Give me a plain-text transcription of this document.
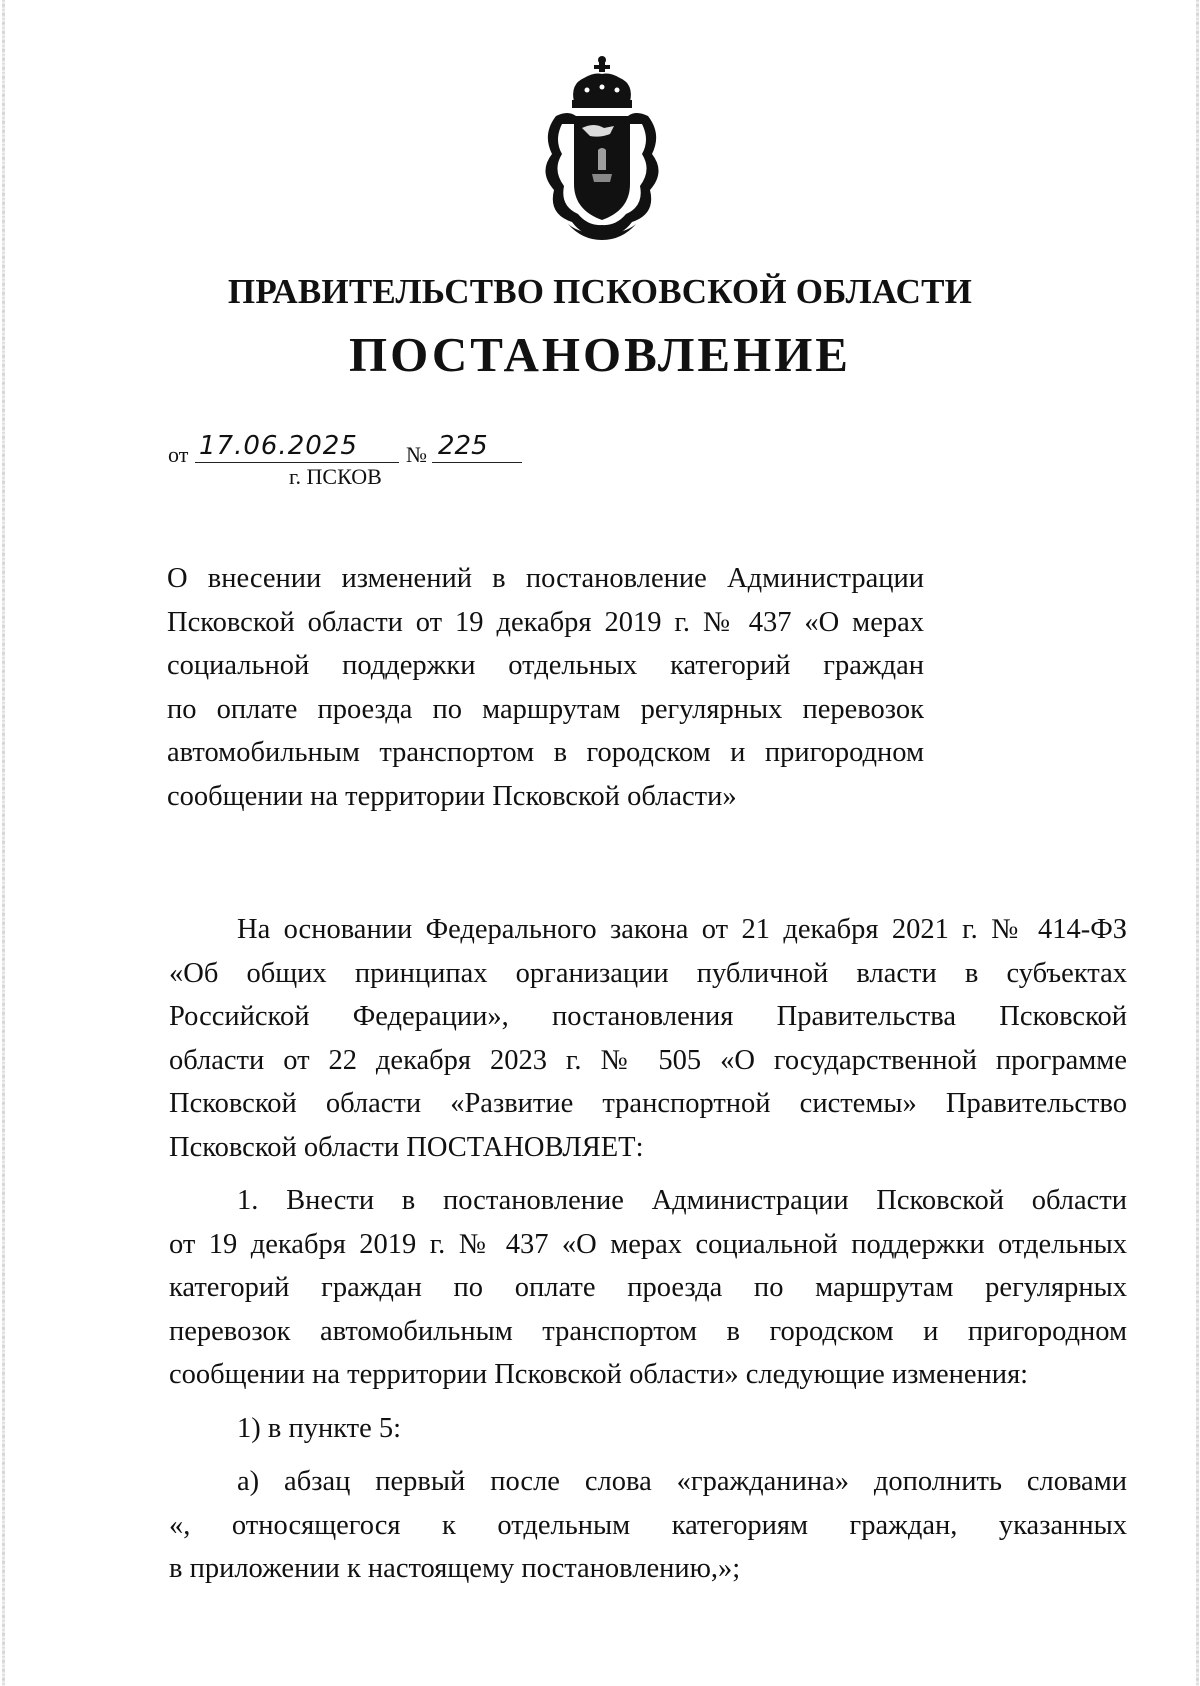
ПРАВИТЕЛЬСТВО ПСКОВСКОЙ ОБЛАСТИ
ПОСТАНОВЛЕНИЕ
от 17.06.2025	№ 225
г. ПСКОВ
О внесении изменений в постановление Администрации
Псковской области от 19 декабря 2019 г. № 437 «О мерах
социальной поддержки отдельных категорий граждан
по оплате проезда по маршрутам регулярных перевозок
автомобильным транспортом в городском и пригородном
сообщении на территории Псковской области»
На основании Федерального закона от 21 декабря 2021 г. № 414-ФЗ
«Об общих принципах организации публичной власти в субъектах
Российской Федерации», постановления Правительства Псковской
области от 22 декабря 2023 г. № 505 «О государственной программе
Псковской области «Развитие транспортной системы» Правительство
Псковской области ПОСТАНОВЛЯЕТ:
1. Внести в постановление Администрации Псковской области
от 19 декабря 2019 г. № 437 «О мерах социальной поддержки отдельных
категорий граждан по оплате проезда по маршрутам регулярных
перевозок автомобильным транспортом в городском и пригородном
сообщении на территории Псковской области» следующие изменения:
1) в пункте 5:
а) абзац первый после слова «гражданина» дополнить словами
«, относящегося к отдельным категориям граждан, указанных
в приложении к настоящему постановлению,»;
